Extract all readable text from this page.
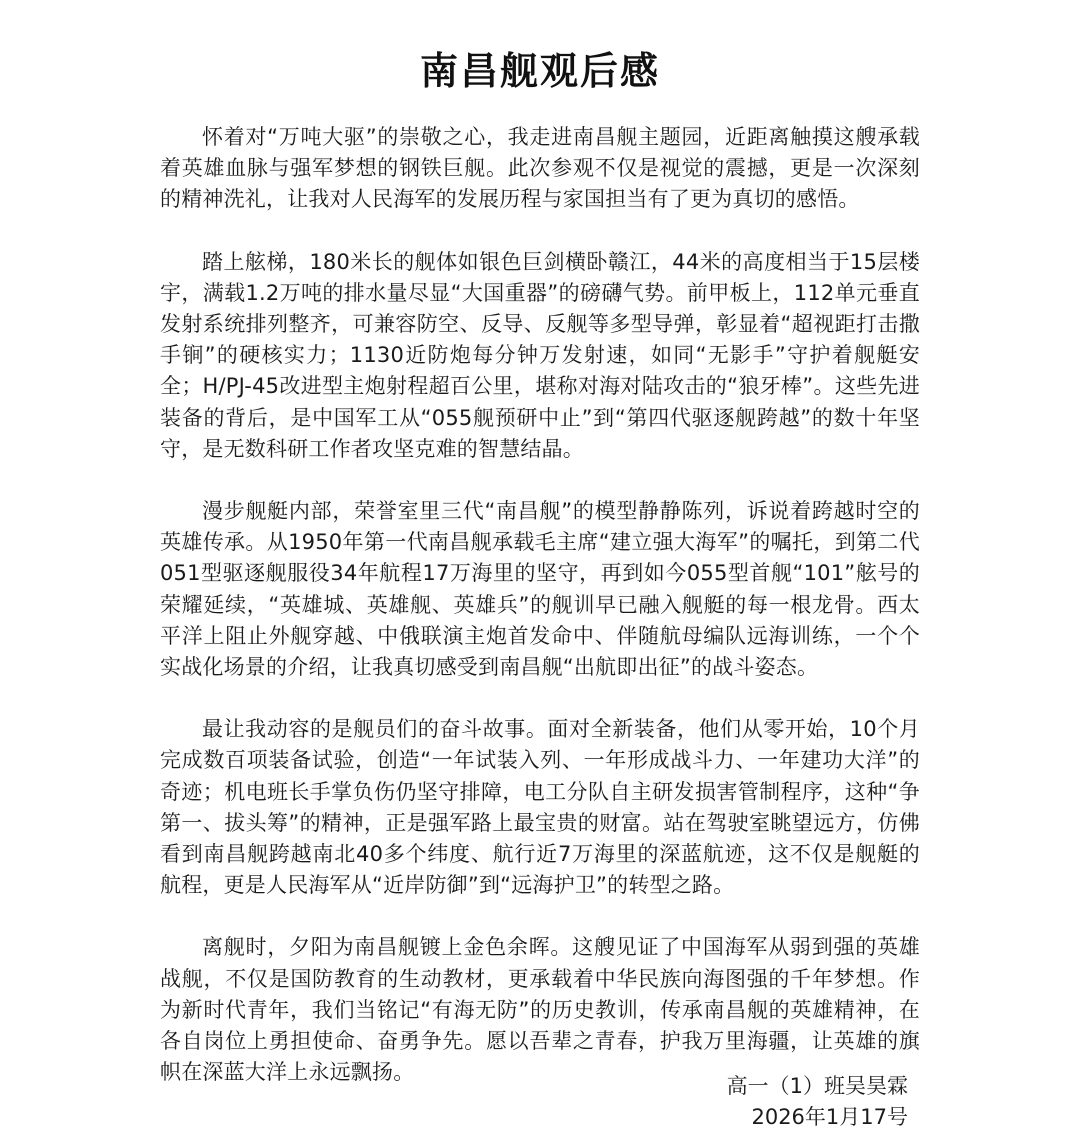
南昌舰观后感

怀着对“万吨大驱”的崇敬之心，我走进南昌舰主题园，近距离触摸这艘承载着英雄血脉与强军梦想的钢铁巨舰。此次参观不仅是视觉的震撼，更是一次深刻的精神洗礼，让我对人民海军的发展历程与家国担当有了更为真切的感悟。

踏上舷梯，180米长的舰体如银色巨剑横卧赣江，44米的高度相当于15层楼宇，满载1.2万吨的排水量尽显“大国重器”的磅礴气势。前甲板上，112单元垂直发射系统排列整齐，可兼容防空、反导、反舰等多型导弹，彰显着“超视距打击撒手锏”的硬核实力；1130近防炮每分钟万发射速，如同“无影手”守护着舰艇安全；H/PJ-45改进型主炮射程超百公里，堪称对海对陆攻击的“狼牙棒”。这些先进装备的背后，是中国军工从“055舰预研中止”到“第四代驱逐舰跨越”的数十年坚守，是无数科研工作者攻坚克难的智慧结晶。

漫步舰艇内部，荣誉室里三代“南昌舰”的模型静静陈列，诉说着跨越时空的英雄传承。从1950年第一代南昌舰承载毛主席“建立强大海军”的嘱托，到第二代051型驱逐舰服役34年航程17万海里的坚守，再到如今055型首舰“101”舷号的荣耀延续，“英雄城、英雄舰、英雄兵”的舰训早已融入舰艇的每一根龙骨。西太平洋上阻止外舰穿越、中俄联演主炮首发命中、伴随航母编队远海训练，一个个实战化场景的介绍，让我真切感受到南昌舰“出航即出征”的战斗姿态。

最让我动容的是舰员们的奋斗故事。面对全新装备，他们从零开始，10个月完成数百项装备试验，创造“一年试装入列、一年形成战斗力、一年建功大洋”的奇迹；机电班长手掌负伤仍坚守排障，电工分队自主研发损害管制程序，这种“争第一、拔头筹”的精神，正是强军路上最宝贵的财富。站在驾驶室眺望远方，仿佛看到南昌舰跨越南北40多个纬度、航行近7万海里的深蓝航迹，这不仅是舰艇的航程，更是人民海军从“近岸防御”到“远海护卫”的转型之路。

离舰时，夕阳为南昌舰镀上金色余晖。这艘见证了中国海军从弱到强的英雄战舰，不仅是国防教育的生动教材，更承载着中华民族向海图强的千年梦想。作为新时代青年，我们当铭记“有海无防”的历史教训，传承南昌舰的英雄精神，在各自岗位上勇担使命、奋勇争先。愿以吾辈之青春，护我万里海疆，让英雄的旗帜在深蓝大洋上永远飘扬。

高一（1）班吴昊霖
2026年1月17号
